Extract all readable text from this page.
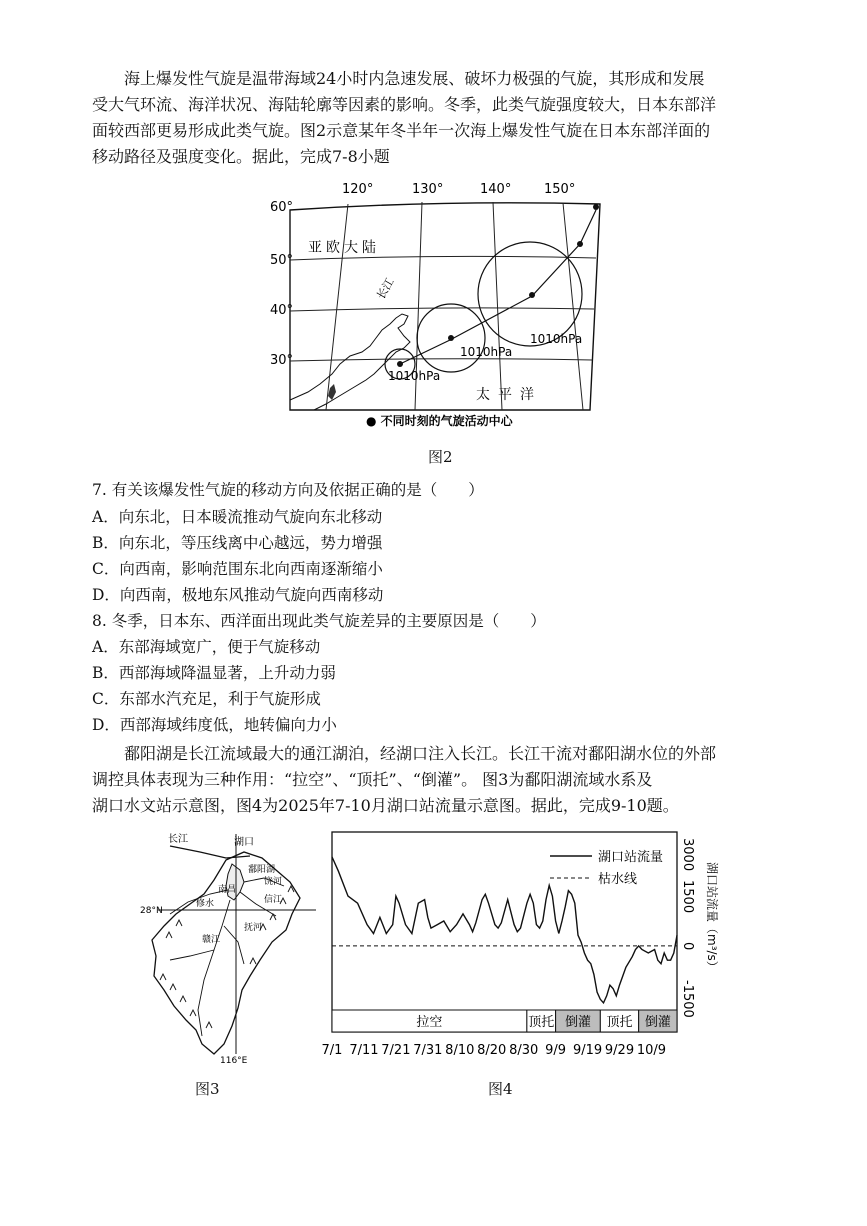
海上爆发性气旋是温带海域24小时内急速发展、破坏力极强的气旋，其形成和发展
受大气环流、海洋状况、海陆轮廓等因素的影响。冬季，此类气旋强度较大，日本东部洋
面较西部更易形成此类气旋。图2示意某年冬半年一次海上爆发性气旋在日本东部洋面的
移动路径及强度变化。据此，完成7-8小题
120°	130°	140°	150°
60°
50°
40°
30°
亚欧大陆
长江
太平洋
1010hPa
1010hPa
1010hPa
● 不同时刻的气旋活动中心
图2
7. 有关该爆发性气旋的移动方向及依据正确的是（　　）
A．向东北，日本暖流推动气旋向东北移动
B．向东北，等压线离中心越远，势力增强
C．向西南，影响范围东北向西南逐渐缩小
D．向西南，极地东风推动气旋向西南移动
8. 冬季，日本东、西洋面出现此类气旋差异的主要原因是（　　）
A．东部海域宽广，便于气旋移动
B．西部海域降温显著，上升动力弱
C．东部水汽充足，利于气旋形成
D．西部海域纬度低，地转偏向力小
鄱阳湖是长江流域最大的通江湖泊，经湖口注入长江。长江干流对鄱阳湖水位的外部
调控具体表现为三种作用：“拉空”、“顶托”、“倒灌”。 图3为鄱阳湖流域水系及
湖口水文站示意图，图4为2025年7-10月湖口站流量示意图。据此，完成9-10题。
长江	湖口
鄱阳湖
南昌
修水	信江
赣江
抚河
饶河
28°N
116°E
图3
拉空	顶托 倒灌 顶托 倒灌
湖口站流量
枯水线
3000
1500
0
-1500
湖口站流量（m³/s）
7/1 7/11 7/21 7/31 8/10 8/20 8/30 9/9 9/19 9/29 10/9
图4
